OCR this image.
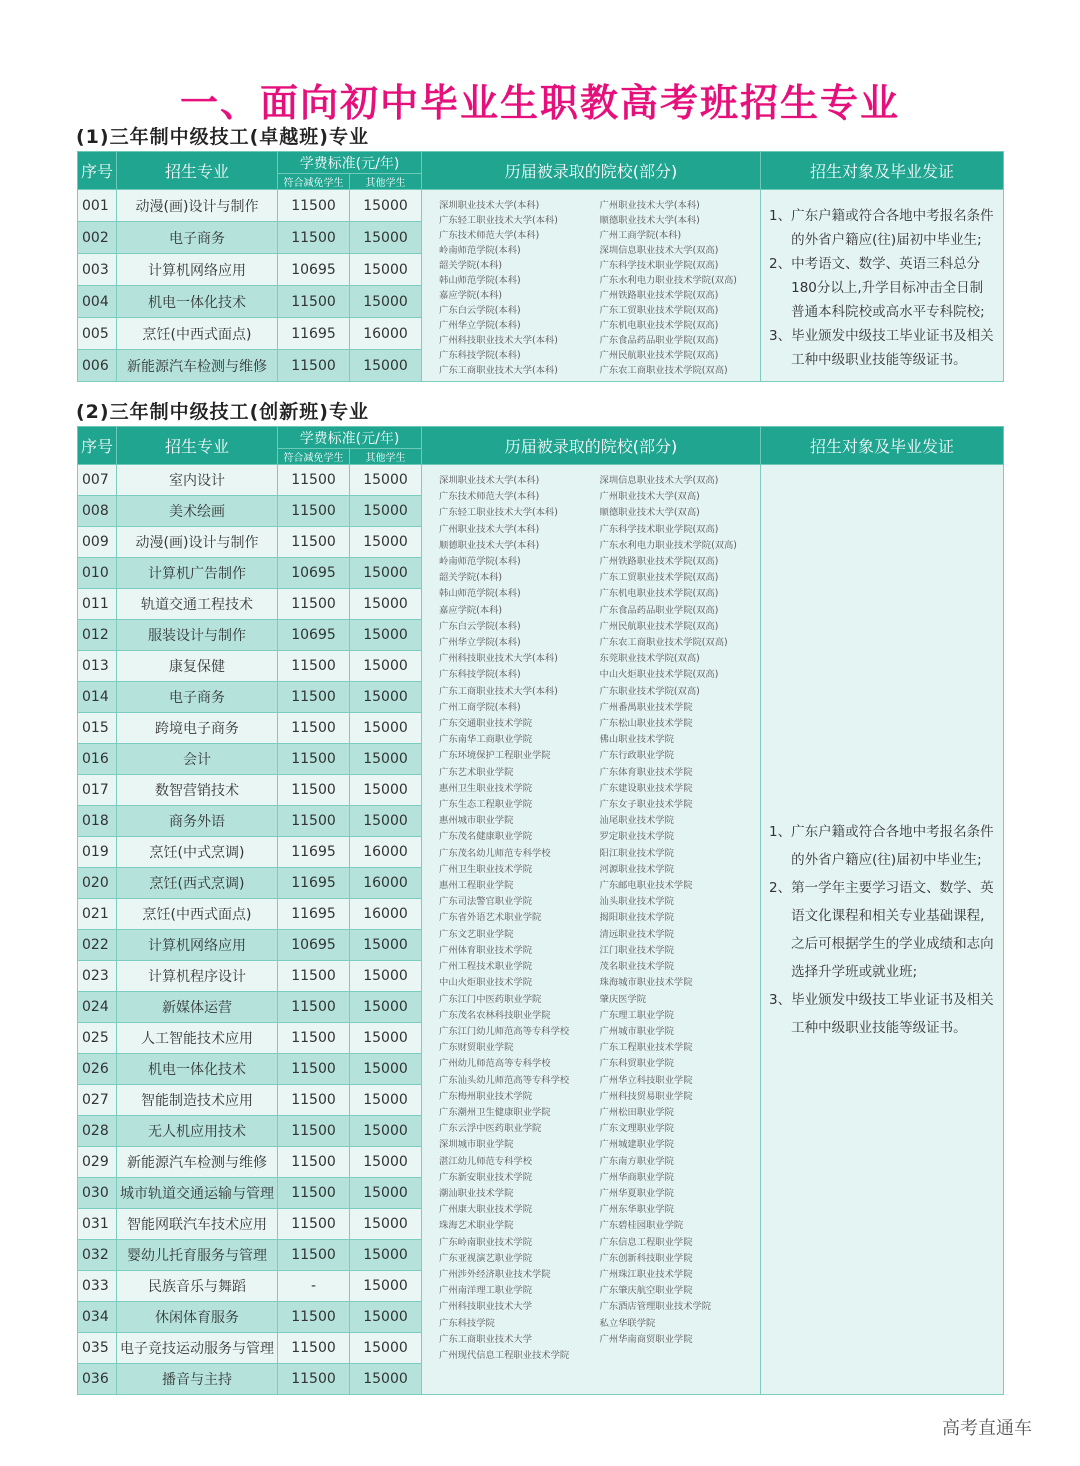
一、面向初中毕业生职教高考班招生专业
(1)三年制中级技工(卓越班)专业
序号	招生专业	学费标准(元/年)		历届被录取的院校(部分)	招生对象及毕业发证
		符合减免学生	其他学生		
001	动漫(画)设计与制作	11500	15000	深圳职业技术大学(本科)
广东轻工职业技术大学(本科)
广东技术师范大学(本科)
岭南师范学院(本科)
韶关学院(本科)
韩山师范学院(本科)
嘉应学院(本科)
广东白云学院(本科)
广州华立学院(本科)
广州科技职业技术大学(本科)
广东科技学院(本科)
广东工商职业技术大学(本科)
广州职业技术大学(本科)
顺德职业技术大学(本科)
广州工商学院(本科)
深圳信息职业技术大学(双高)
广东科学技术职业学院(双高)
广东水利电力职业技术学院(双高)
广州铁路职业技术学院(双高)
广东工贸职业技术学院(双高)
广东机电职业技术学院(双高)
广东食品药品职业学院(双高)
广州民航职业技术学院(双高)
广东农工商职业技术学院(双高)

1、 广东户籍或符合各地中考报名条件的外省户籍应(往)届初中毕业生;
2、 中考语文、数学、英语三科总分180分以上,升学目标冲击全日制普通本科院校或高水平专科院校;
3、 毕业颁发中级技工毕业证书及相关工种中级职业技能等级证书。

002	电子商务	11500	15000		
003	计算机网络应用	10695	15000		
004	机电一体化技术	11500	15000		
005	烹饪(中西式面点)	11695	16000		
006	新能源汽车检测与维修	11500	15000		
(2)三年制中级技工(创新班)专业
序号	招生专业	学费标准(元/年)		历届被录取的院校(部分)	招生对象及毕业发证
		符合减免学生	其他学生		
007	室内设计	11500	15000	深圳职业技术大学(本科)
广东技术师范大学(本科)
广东轻工职业技术大学(本科)
广州职业技术大学(本科)
顺德职业技术大学(本科)
岭南师范学院(本科)
韶关学院(本科)
韩山师范学院(本科)
嘉应学院(本科)
广东白云学院(本科)
广州华立学院(本科)
广州科技职业技术大学(本科)
广东科技学院(本科)
广东工商职业技术大学(本科)
广州工商学院(本科)
广东交通职业技术学院
广东南华工商职业学院
广东环境保护工程职业学院
广东艺术职业学院
惠州卫生职业技术学院
广东生态工程职业学院
惠州城市职业学院
广东茂名健康职业学院
广东茂名幼儿师范专科学校
广州卫生职业技术学院
惠州工程职业学院
广东司法警官职业学院
广东省外语艺术职业学院
广东文艺职业学院
广州体育职业技术学院
广州工程技术职业学院
中山火炬职业技术学院
广东江门中医药职业学院
广东茂名农林科技职业学院
广东江门幼儿师范高等专科学校
广东财贸职业学院
广州幼儿师范高等专科学校
广东汕头幼儿师范高等专科学校
广东梅州职业技术学院
广东潮州卫生健康职业学院
广东云浮中医药职业学院
深圳城市职业学院
湛江幼儿师范专科学校
广东新安职业技术学院
潮汕职业技术学院
广州康大职业技术学院
珠海艺术职业学院
广东岭南职业技术学院
广东亚视演艺职业学院
广州涉外经济职业技术学院
广州南洋理工职业学院
广州科技职业技术大学
广东科技学院
广东工商职业技术大学
广州现代信息工程职业技术学院
深圳信息职业技术大学(双高)
广州职业技术大学(双高)
顺德职业技术大学(双高)
广东科学技术职业学院(双高)
广东水利电力职业技术学院(双高)
广州铁路职业技术学院(双高)
广东工贸职业技术学院(双高)
广东机电职业技术学院(双高)
广东食品药品职业学院(双高)
广州民航职业技术学院(双高)
广东农工商职业技术学院(双高)
东莞职业技术学院(双高)
中山火炬职业技术学院(双高)
广东职业技术学院(双高)
广州番禺职业技术学院
广东松山职业技术学院
佛山职业技术学院
广东行政职业学院
广东体育职业技术学院
广东建设职业技术学院
广东女子职业技术学院
汕尾职业技术学院
罗定职业技术学院
阳江职业技术学院
河源职业技术学院
广东邮电职业技术学院
汕头职业技术学院
揭阳职业技术学院
清远职业技术学院
江门职业技术学院
茂名职业技术学院
珠海城市职业技术学院
肇庆医学院
广东理工职业学院
广州城市职业学院
广东工程职业技术学院
广东科贸职业学院
广州华立科技职业学院
广州科技贸易职业学院
广州松田职业学院
广东文理职业学院
广州城建职业学院
广东南方职业学院
广州华商职业学院
广州华夏职业学院
广州东华职业学院
广东碧桂园职业学院
广东信息工程职业学院
广东创新科技职业学院
广州珠江职业技术学院
广东肇庆航空职业学院
广东酒店管理职业技术学院
私立华联学院
广州华南商贸职业学院

1、 广东户籍或符合各地中考报名条件的外省户籍应(往)届初中毕业生;
2、 第一学年主要学习语文、数学、英语文化课程和相关专业基础课程,之后可根据学生的学业成绩和志向选择升学班或就业班;
3、 毕业颁发中级技工毕业证书及相关工种中级职业技能等级证书。

008	美术绘画	11500	15000		
009	动漫(画)设计与制作	11500	15000		
010	计算机广告制作	10695	15000		
011	轨道交通工程技术	11500	15000		
012	服装设计与制作	10695	15000		
013	康复保健	11500	15000		
014	电子商务	11500	15000		
015	跨境电子商务	11500	15000		
016	会计	11500	15000		
017	数智营销技术	11500	15000		
018	商务外语	11500	15000		
019	烹饪(中式烹调)	11695	16000		
020	烹饪(西式烹调)	11695	16000		
021	烹饪(中西式面点)	11695	16000		
022	计算机网络应用	10695	15000		
023	计算机程序设计	11500	15000		
024	新媒体运营	11500	15000		
025	人工智能技术应用	11500	15000		
026	机电一体化技术	11500	15000		
027	智能制造技术应用	11500	15000		
028	无人机应用技术	11500	15000		
029	新能源汽车检测与维修	11500	15000		
030	城市轨道交通运输与管理	11500	15000		
031	智能网联汽车技术应用	11500	15000		
032	婴幼儿托育服务与管理	11500	15000		
033	民族音乐与舞蹈	-	15000		
034	休闲体育服务	11500	15000		
035	电子竞技运动服务与管理	11500	15000		
036	播音与主持	11500	15000		
高考直通车
